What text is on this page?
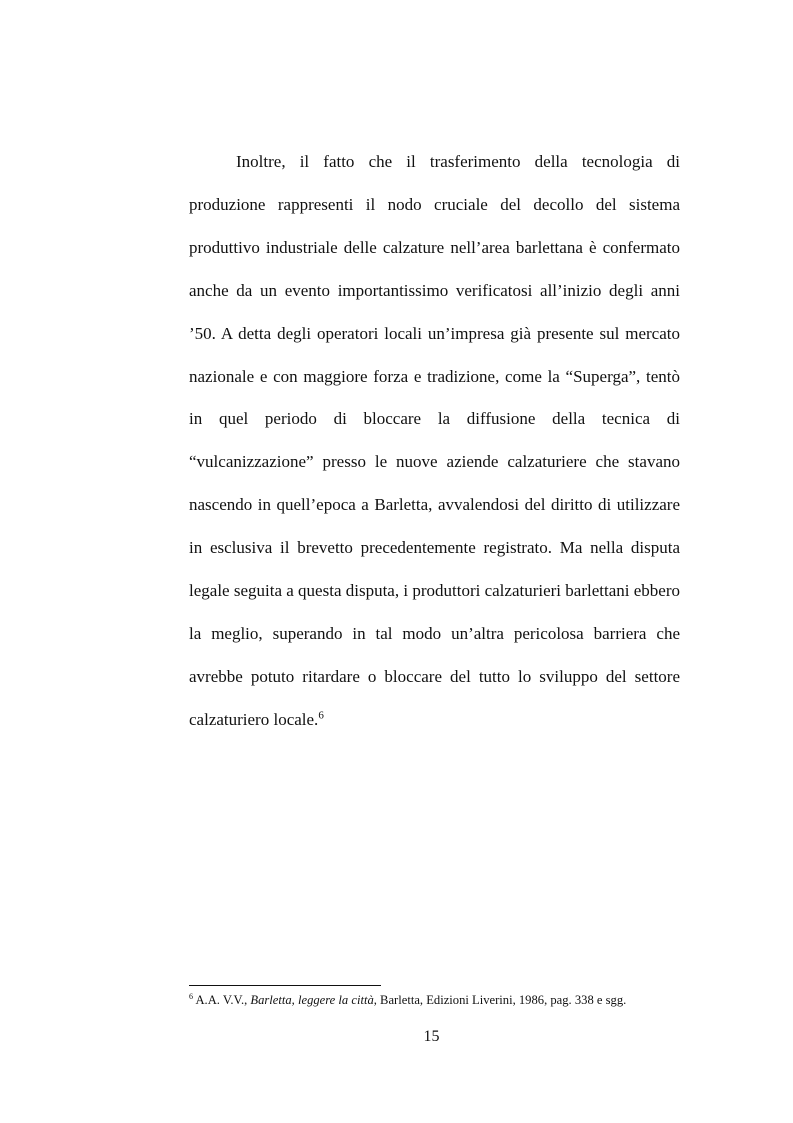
Inoltre, il fatto che il trasferimento della tecnologia di produzione rappresenti il nodo cruciale del decollo del sistema produttivo industriale delle calzature nell’area barlettana è confermato anche da un evento importantissimo verificatosi all’inizio degli anni ’50. A detta degli operatori locali un’impresa già presente sul mercato nazionale e con maggiore forza e tradizione, come la “Superga”, tentò in quel periodo di bloccare la diffusione della tecnica di “vulcanizzazione” presso le nuove aziende calzaturiere che stavano nascendo in quell’epoca a Barletta, avvalendosi del diritto di utilizzare in esclusiva il brevetto precedentemente registrato. Ma nella disputa legale seguita a questa disputa, i produttori calzaturieri barlettani ebbero la meglio, superando in tal modo un’altra pericolosa barriera che avrebbe potuto ritardare o bloccare del tutto lo sviluppo del settore calzaturiero locale.$^6$

$^6$ A.A. V.V., Barletta, leggere la città, Barletta, Edizioni Liverini, 1986, pag. 338 e sgg.

15
